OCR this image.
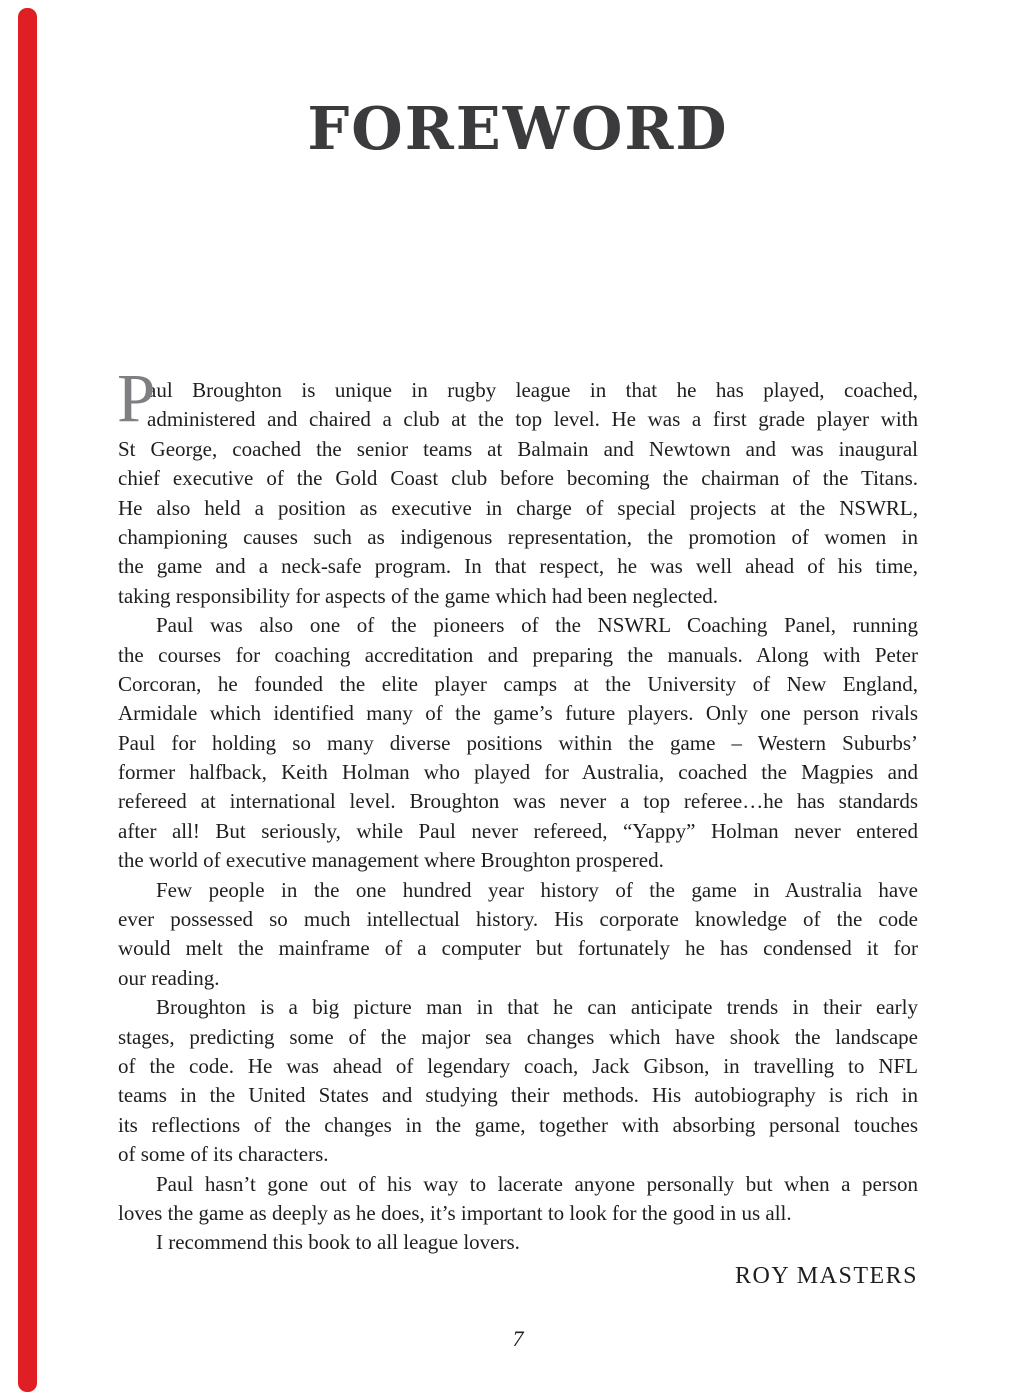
FOREWORD
P
aul Broughton is unique in rugby league in that he has played, coached,
administered and chaired a club at the top level. He was a first grade player with
St George, coached the senior teams at Balmain and Newtown and was inaugural
chief executive of the Gold Coast club before becoming the chairman of the Titans.
He also held a position as executive in charge of special projects at the NSWRL,
championing causes such as indigenous representation, the promotion of women in
the game and a neck-safe program. In that respect, he was well ahead of his time,
taking responsibility for aspects of the game which had been neglected.
Paul was also one of the pioneers of the NSWRL Coaching Panel, running
the courses for coaching accreditation and preparing the manuals. Along with Peter
Corcoran, he founded the elite player camps at the University of New England,
Armidale which identified many of the game’s future players. Only one person rivals
Paul for holding so many diverse positions within the game – Western Suburbs’
former halfback, Keith Holman who played for Australia, coached the Magpies and
refereed at international level. Broughton was never a top referee…he has standards
after all! But seriously, while Paul never refereed, “Yappy” Holman never entered
the world of executive management where Broughton prospered.
Few people in the one hundred year history of the game in Australia have
ever possessed so much intellectual history. His corporate knowledge of the code
would melt the mainframe of a computer but fortunately he has condensed it for
our reading.
Broughton is a big picture man in that he can anticipate trends in their early
stages, predicting some of the major sea changes which have shook the landscape
of the code. He was ahead of legendary coach, Jack Gibson, in travelling to NFL
teams in the United States and studying their methods. His autobiography is rich in
its reflections of the changes in the game, together with absorbing personal touches
of some of its characters.
Paul hasn’t gone out of his way to lacerate anyone personally but when a person
loves the game as deeply as he does, it’s important to look for the good in us all.
I recommend this book to all league lovers.
ROY MASTERS
7
